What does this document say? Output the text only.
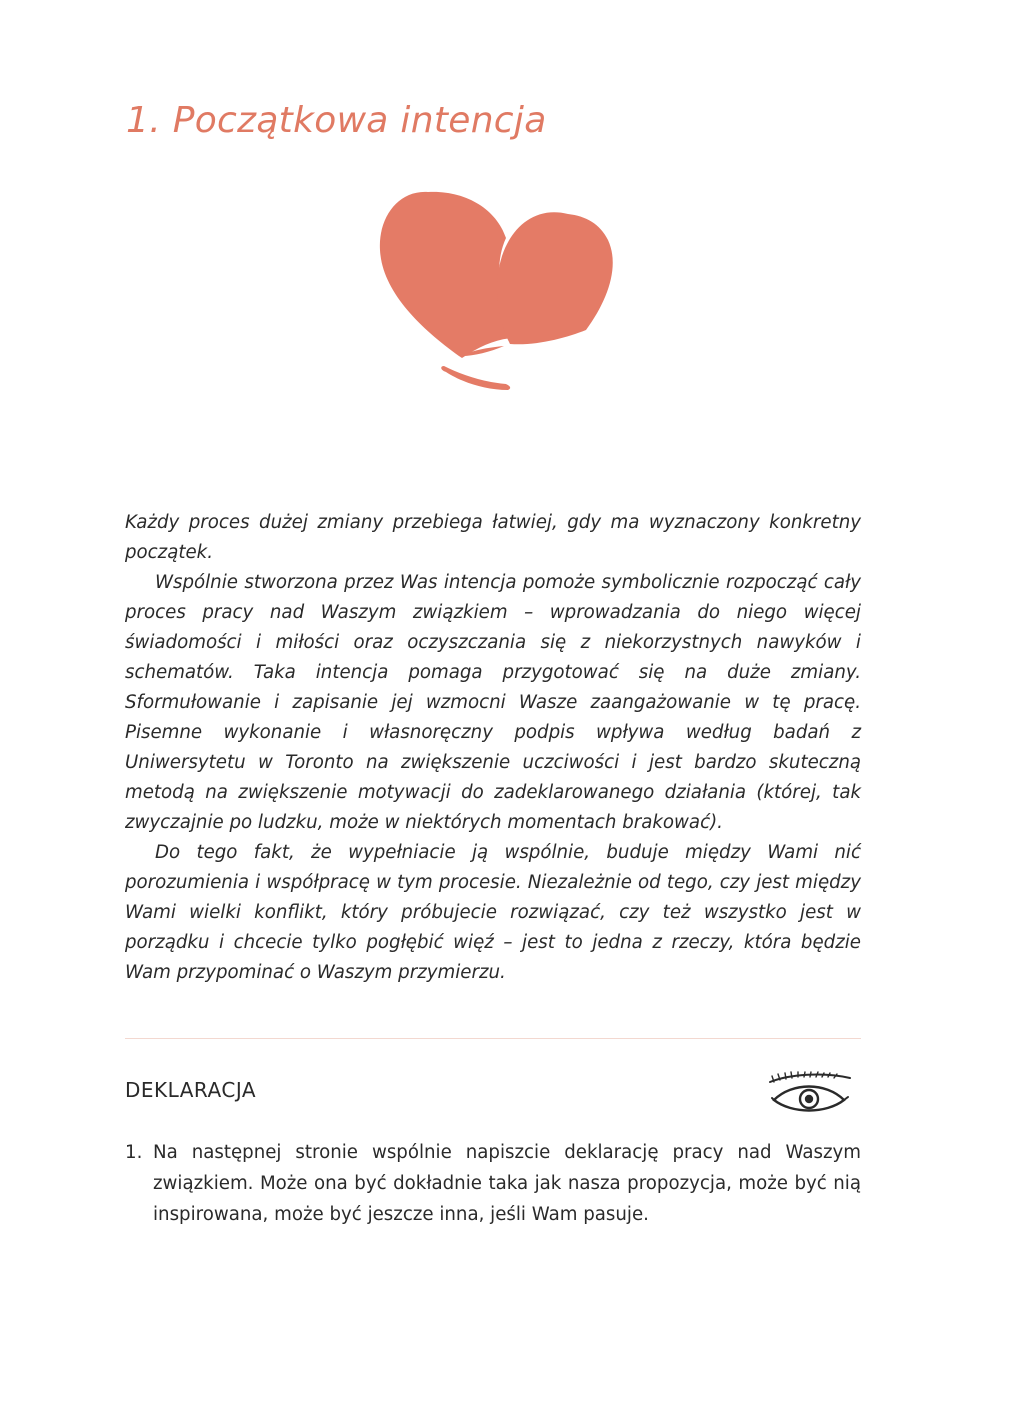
1. Początkowa intencja

Każdy proces dużej zmiany przebiega łatwiej, gdy ma wyznaczony konkretny początek.

Wspólnie stworzona przez Was intencja pomoże symbolicznie rozpocząć cały proces pracy nad Waszym związkiem – wprowadzania do niego więcej świadomości i miłości oraz oczyszczania się z niekorzystnych nawyków i schematów. Taka intencja pomaga przygotować się na duże zmiany. Sformułowanie i zapisanie jej wzmocni Wasze zaangażowanie w tę pracę. Pisemne wykonanie i własnoręczny podpis wpływa według badań z Uniwersytetu w Toronto na zwiększenie uczciwości i jest bardzo skuteczną metodą na zwiększenie motywacji do zadeklarowanego działania (której, tak zwyczajnie po ludzku, może w niektórych momentach brakować).

Do tego fakt, że wypełniacie ją wspólnie, buduje między Wami nić porozumienia i współpracę w tym procesie. Niezależnie od tego, czy jest między Wami wielki konflikt, który próbujecie rozwiązać, czy też wszystko jest w porządku i chcecie tylko pogłębić więź – jest to jedna z rzeczy, która będzie Wam przypominać o Waszym przymierzu.

DEKLARACJA
1. Na następnej stronie wspólnie napiszcie deklarację pracy nad Waszym związkiem. Może ona być dokładnie taka jak nasza propozycja, może być nią inspirowana, może być jeszcze inna, jeśli Wam pasuje.
